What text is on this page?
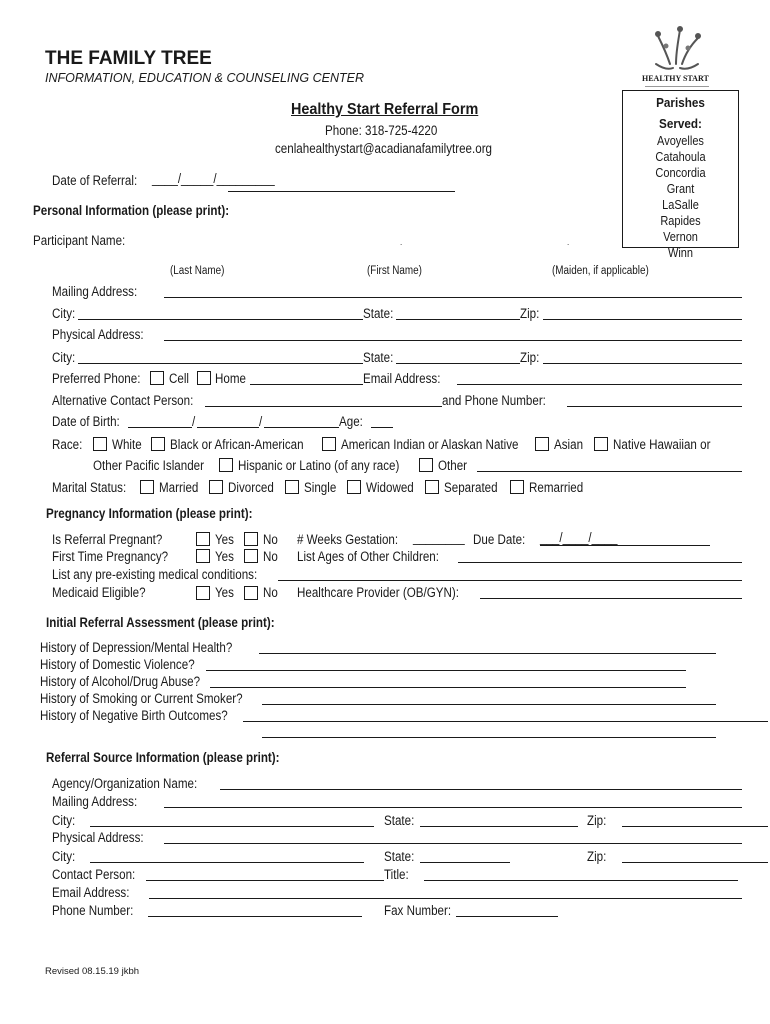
THE FAMILY TREE
INFORMATION, EDUCATION & COUNSELING CENTER	HEALTHY START
Healthy Start Referral Form
Phone: 318-725-4220
cenlahealthystart@acadianafamilytree.org
Parishes
Served:
Avoyelles
Catahoula
Concordia
Grant
LaSalle
Rapides
Vernon
Winn
Date of Referral: ____/_____/_________
Personal Information (please print):
Participant Name:	.	.
(Last Name)	(First Name)	(Maiden, if applicable)
Mailing Address:
City:	State:	Zip:
Physical Address:
City:	State:	Zip:
Preferred Phone: Cell Home	Email Address:
Alternative Contact Person:	and Phone Number:
Date of Birth:	/	/	Age:
Race: White Black or African-American	American Indian or Alaskan Native	Asian Native Hawaiian or
Other Pacific Islander	Hispanic or Latino (of any race)	Other
Marital Status: Married Divorced Single Widowed Separated Remarried
Pregnancy Information (please print):
Is Referral Pregnant?	Yes No # Weeks Gestation: ________ Due Date: ___/____/____
First Time Pregnancy?	Yes No List Ages of Other Children:
List any pre-existing medical conditions:
Medicaid Eligible?	Yes No Healthcare Provider (OB/GYN):
Initial Referral Assessment (please print):
History of Depression/Mental Health?
History of Domestic Violence?
History of Alcohol/Drug Abuse?
History of Smoking or Current Smoker?
History of Negative Birth Outcomes?
Referral Source Information (please print):
Agency/Organization Name:
Mailing Address:
City:	State:	Zip:
Physical Address:
City:	State:	Zip:
Contact Person:	Title:
Email Address:
Phone Number:	Fax Number:
Revised 08.15.19 jkbh
